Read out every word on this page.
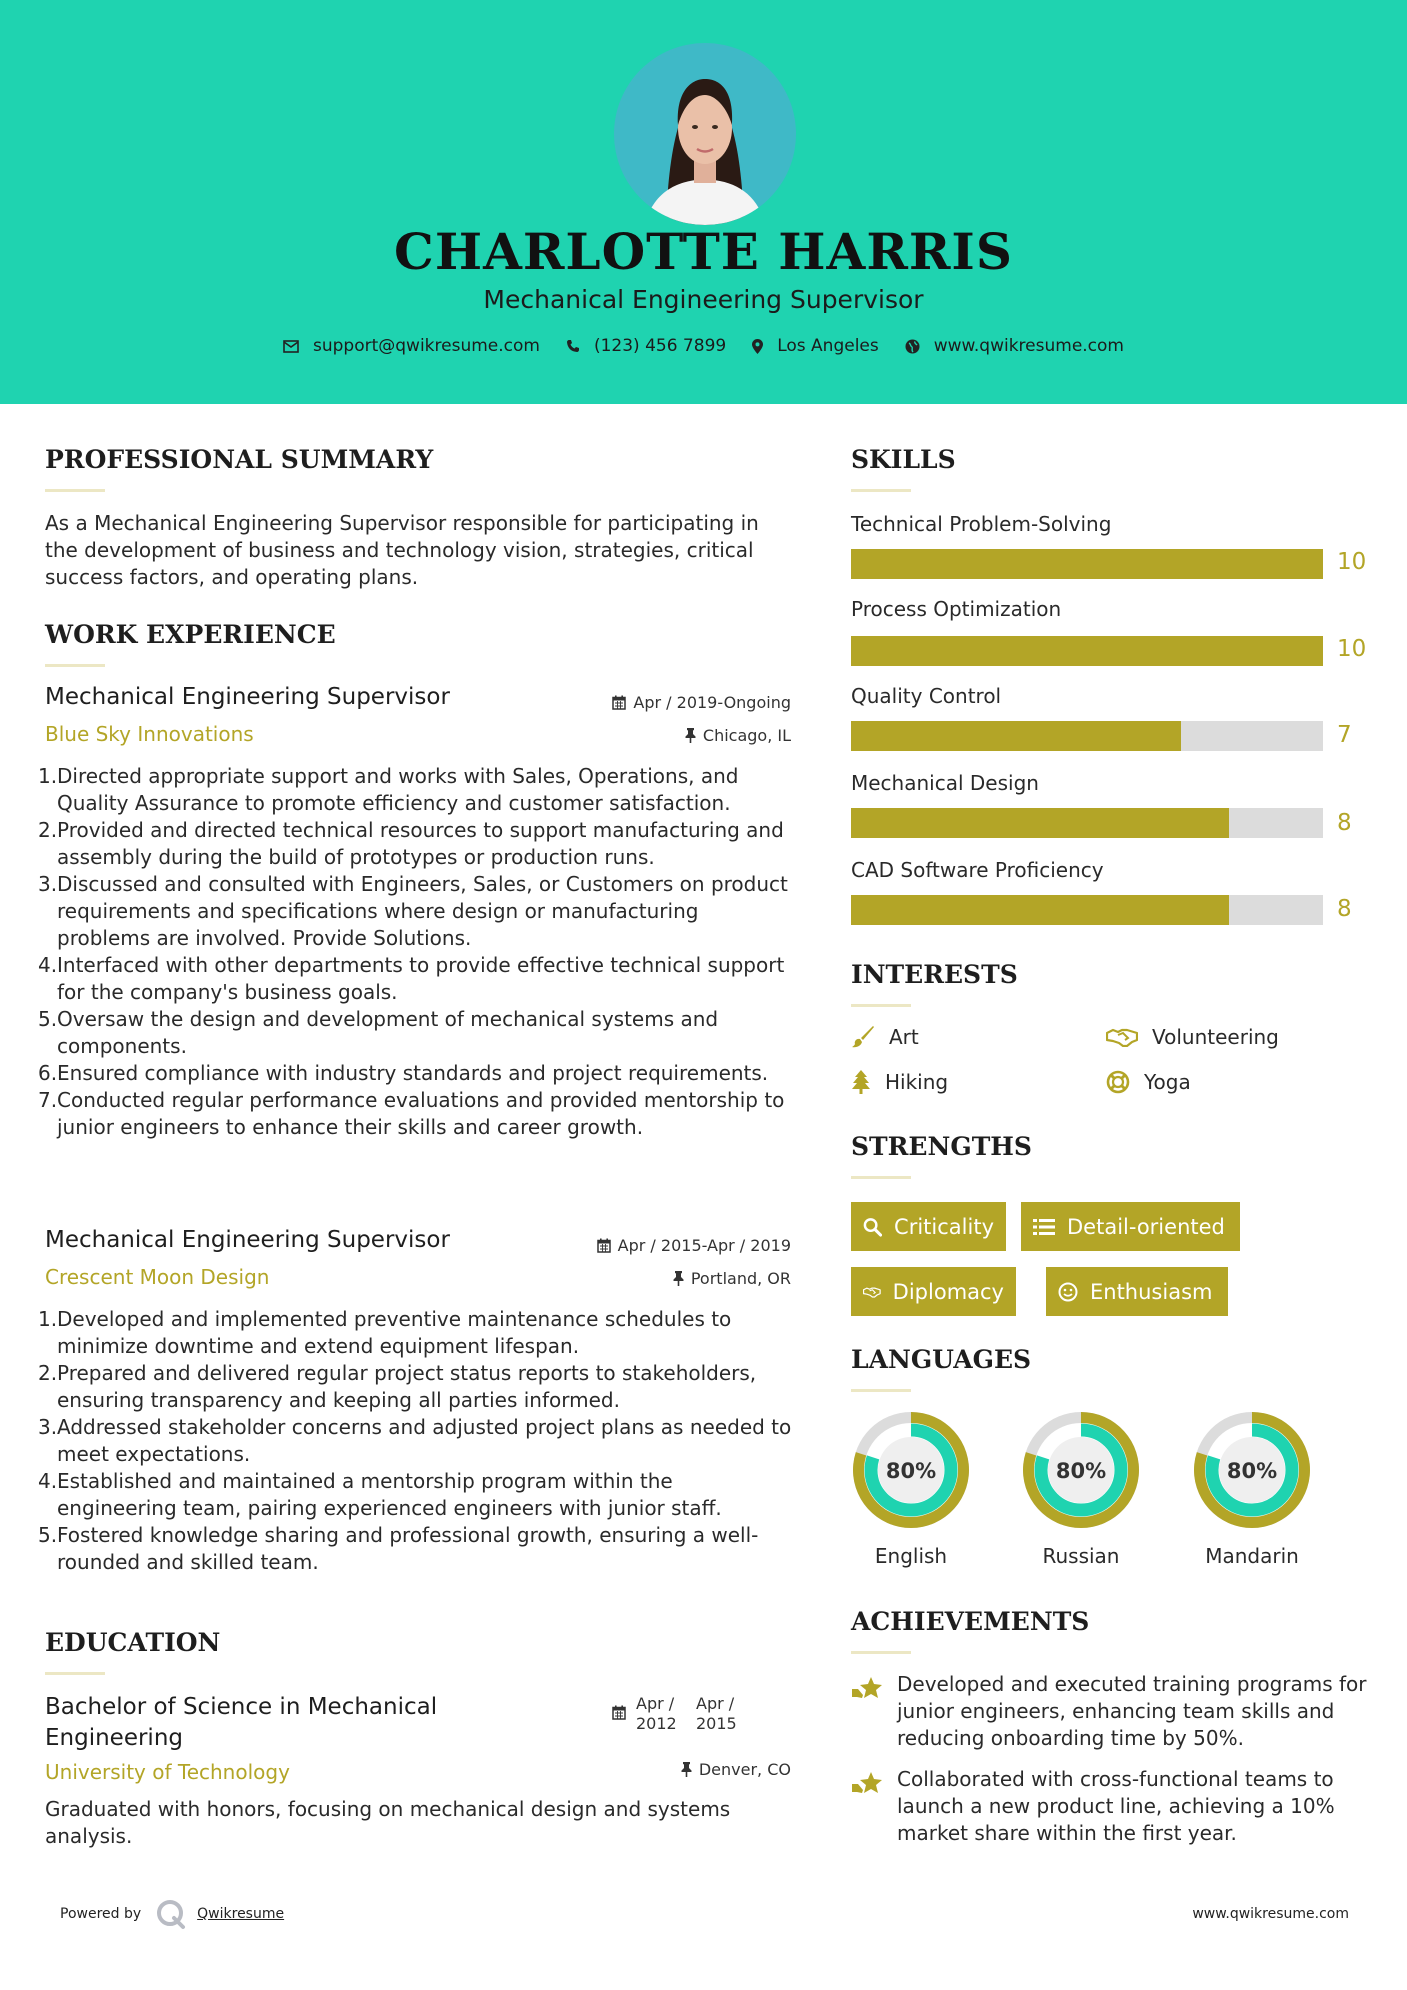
CHARLOTTE HARRIS
Mechanical Engineering Supervisor
support@qwikresume.com	(123) 456 7899	Los Angeles	www.qwikresume.com
PROFESSIONAL SUMMARY
As a Mechanical Engineering Supervisor responsible for participating in the development of business and technology vision, strategies, critical success factors, and operating plans.
WORK EXPERIENCE
Mechanical Engineering Supervisor	Apr / 2019-Ongoing
Blue Sky Innovations	Chicago, IL
1. Directed appropriate support and works with Sales, Operations, and Quality Assurance to promote efficiency and customer satisfaction.
2. Provided and directed technical resources to support manufacturing and assembly during the build of prototypes or production runs.
3. Discussed and consulted with Engineers, Sales, or Customers on product requirements and specifications where design or manufacturing problems are involved. Provide Solutions.
4. Interfaced with other departments to provide effective technical support for the company's business goals.
5. Oversaw the design and development of mechanical systems and components.
6. Ensured compliance with industry standards and project requirements.
7. Conducted regular performance evaluations and provided mentorship to junior engineers to enhance their skills and career growth.
Mechanical Engineering Supervisor	Apr / 2015-Apr / 2019
Crescent Moon Design	Portland, OR
1. Developed and implemented preventive maintenance schedules to minimize downtime and extend equipment lifespan.
2. Prepared and delivered regular project status reports to stakeholders, ensuring transparency and keeping all parties informed.
3. Addressed stakeholder concerns and adjusted project plans as needed to meet expectations.
4. Established and maintained a mentorship program within the engineering team, pairing experienced engineers with junior staff.
5. Fostered knowledge sharing and professional growth, ensuring a well-rounded and skilled team.
EDUCATION
Bachelor of Science in Mechanical Engineering
Apr / 2012
Apr / 2015
University of Technology	Denver, CO
Graduated with honors, focusing on mechanical design and systems analysis.
SKILLS
Technical Problem-Solving
10
Process Optimization
10
Quality Control
7
Mechanical Design
8
CAD Software Proficiency
8
INTERESTS
Art	Volunteering
Hiking	Yoga
STRENGTHS
Criticality	Detail-oriented
Diplomacy	Enthusiasm
LANGUAGES
80%
English
80%
Russian
80%
Mandarin
ACHIEVEMENTS
Developed and executed training programs for junior engineers, enhancing team skills and reducing onboarding time by 50%.
Collaborated with cross-functional teams to launch a new product line, achieving a 10% market share within the first year.
Powered by	Qwikresume	www.qwikresume.com
